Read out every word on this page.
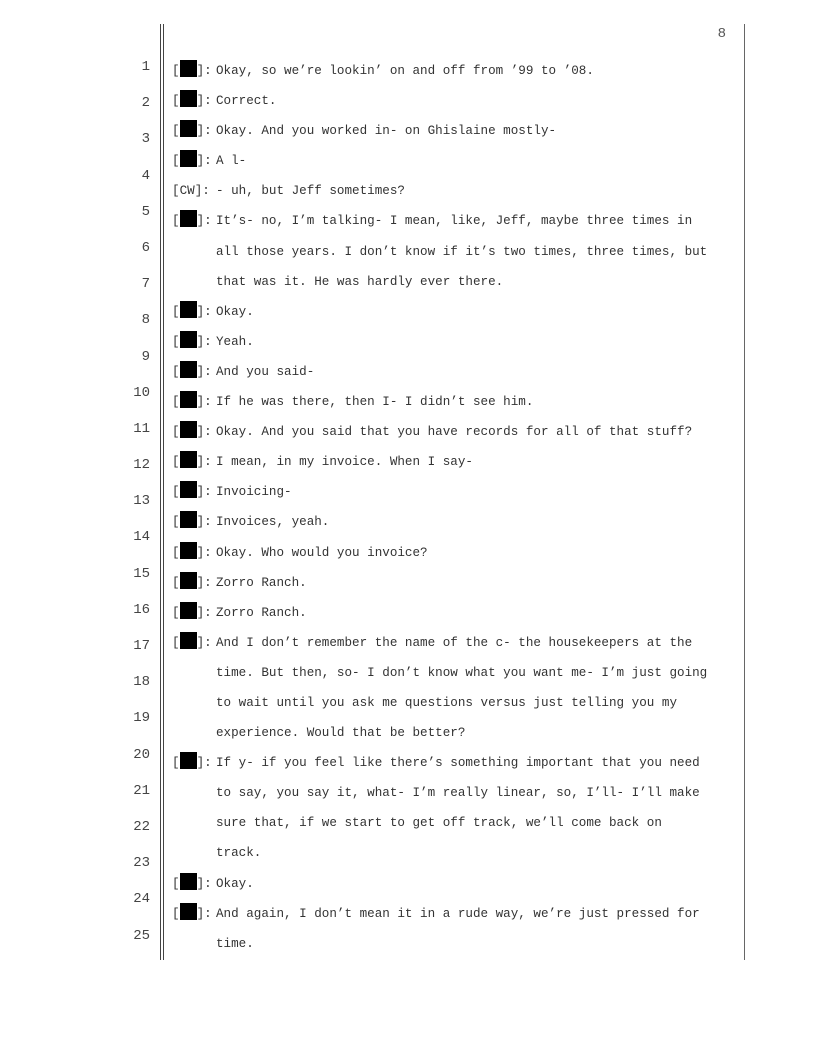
8
1
2
3
4
5
6
7
8
9
10
11
12
13
14
15
16
17
18
19
20
21
22
23
24
25
[ ]: Okay, so we’re lookin’ on and off from ’99 to ’08.
[ ]: Correct.
[ ]: Okay. And you worked in- on Ghislaine mostly-
[ ]: A l-
[CW]: - uh, but Jeff sometimes?
[ ]: It’s- no, I’m talking- I mean, like, Jeff, maybe three times in
all those years. I don’t know if it’s two times, three times, but
that was it. He was hardly ever there.
[ ]: Okay.
[ ]: Yeah.
[ ]: And you said-
[ ]: If he was there, then I- I didn’t see him.
[ ]: Okay. And you said that you have records for all of that stuff?
[ ]: I mean, in my invoice. When I say-
[ ]: Invoicing-
[ ]: Invoices, yeah.
[ ]: Okay. Who would you invoice?
[ ]: Zorro Ranch.
[ ]: Zorro Ranch.
[ ]: And I don’t remember the name of the c- the housekeepers at the
time. But then, so- I don’t know what you want me- I’m just going
to wait until you ask me questions versus just telling you my
experience. Would that be better?
[ ]: If y- if you feel like there’s something important that you need
to say, you say it, what- I’m really linear, so, I’ll- I’ll make
sure that, if we start to get off track, we’ll come back on
track.
[ ]: Okay.
[ ]: And again, I don’t mean it in a rude way, we’re just pressed for
time.
